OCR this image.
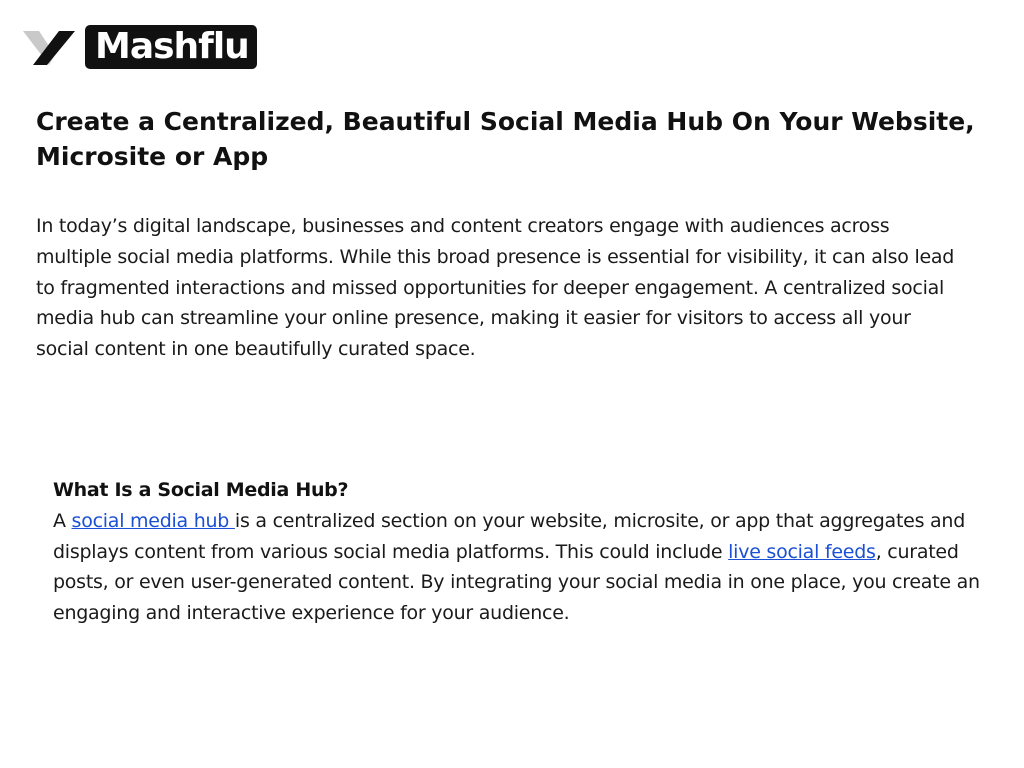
Mashflu
Create a Centralized, Beautiful Social Media Hub On Your Website, Microsite or App

In today’s digital landscape, businesses and content creators engage with audiences across multiple social media platforms. While this broad presence is essential for visibility, it can also lead to fragmented interactions and missed opportunities for deeper engagement. A centralized social media hub can streamline your online presence, making it easier for visitors to access all your social content in one beautifully curated space.

What Is a Social Media Hub?

A social media hub is a centralized section on your website, microsite, or app that aggregates and displays content from various social media platforms. This could include live social feeds, curated posts, or even user-generated content. By integrating your social media in one place, you create an engaging and interactive experience for your audience.
